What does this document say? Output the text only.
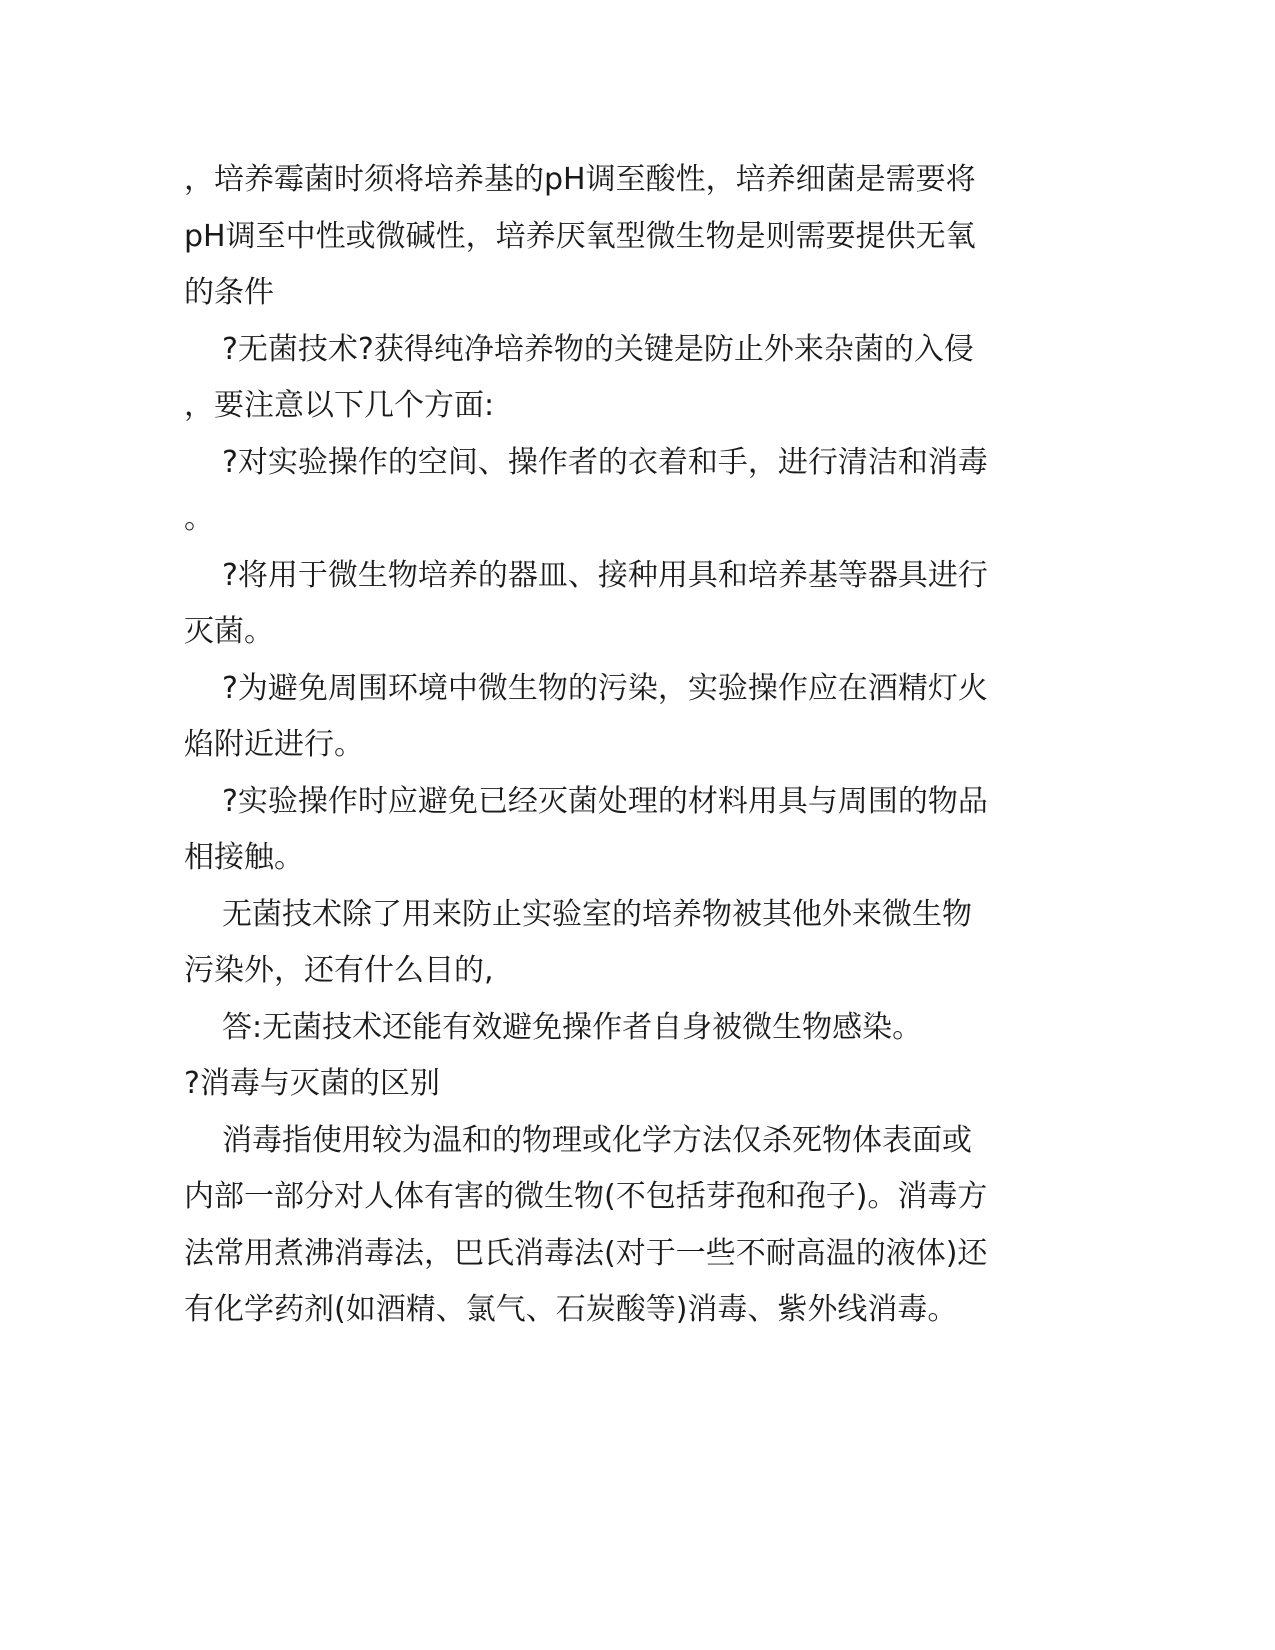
，培养霉菌时须将培养基的pH调至酸性，培养细菌是需要将
pH调至中性或微碱性，培养厌氧型微生物是则需要提供无氧
的条件
?无菌技术?获得纯净培养物的关键是防止外来杂菌的入侵
，要注意以下几个方面:
?对实验操作的空间、操作者的衣着和手，进行清洁和消毒
。
?将用于微生物培养的器皿、接种用具和培养基等器具进行
灭菌。
?为避免周围环境中微生物的污染，实验操作应在酒精灯火
焰附近进行。
?实验操作时应避免已经灭菌处理的材料用具与周围的物品
相接触。
无菌技术除了用来防止实验室的培养物被其他外来微生物
污染外，还有什么目的,
答:无菌技术还能有效避免操作者自身被微生物感染。
?消毒与灭菌的区别
消毒指使用较为温和的物理或化学方法仅杀死物体表面或
内部一部分对人体有害的微生物(不包括芽孢和孢子)。消毒方
法常用煮沸消毒法，巴氏消毒法(对于一些不耐高温的液体)还
有化学药剂(如酒精、氯气、石炭酸等)消毒、紫外线消毒。
